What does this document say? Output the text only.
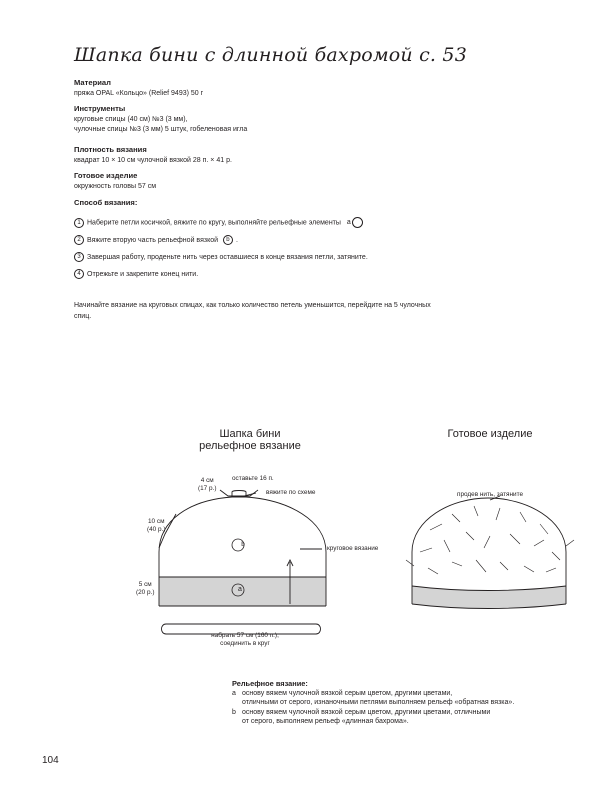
Шапка бини с длинной бахромой с. 53
Материал
пряжа OPAL «Кольцо» (Relief 9493) 50 г
Инструменты
круговые спицы (40 см) №3 (3 мм),
чулочные спицы №3 (3 мм) 5 штук, гобеленовая игла
Плотность вязания
квадрат 10 × 10 см чулочной вязкой 28 п. × 41 р.
Готовое изделие
окружность головы 57 см
Способ вязания:
1 Наберите петли косичкой, вяжите по кругу, выполняйте рельефные элементы a
2 Вяжите вторую часть рельефной вязкой b .
3 Завершая работу, проденьте нить через оставшиеся в конце вязания петли, затяните.
4 Отрежьте и закрепите конец нити.
Начинайте вязание на круговых спицах, как только количество петель уменьшится, перейдите на 5 чулочных спиц.
Шапка бини
рельефное вязание
Готовое изделие
b
a
4 см
(17 р.)
оставьте 16 п.
вяжите по схеме
10 см
(40 р.)
круговое вязание
5 см
(20 р.)
набрать 57 см (160 п.),
соединить в круг
продев нить, затяните
Рельефное вязание:
a основу вяжем чулочной вязкой серым цветом, другими цветами,
отличными от серого, изнаночными петлями выполняем рельеф «обратная вязка».
b основу вяжем чулочной вязкой серым цветом, другими цветами, отличными
от серого, выполняем рельеф «длинная бахрома».
104
